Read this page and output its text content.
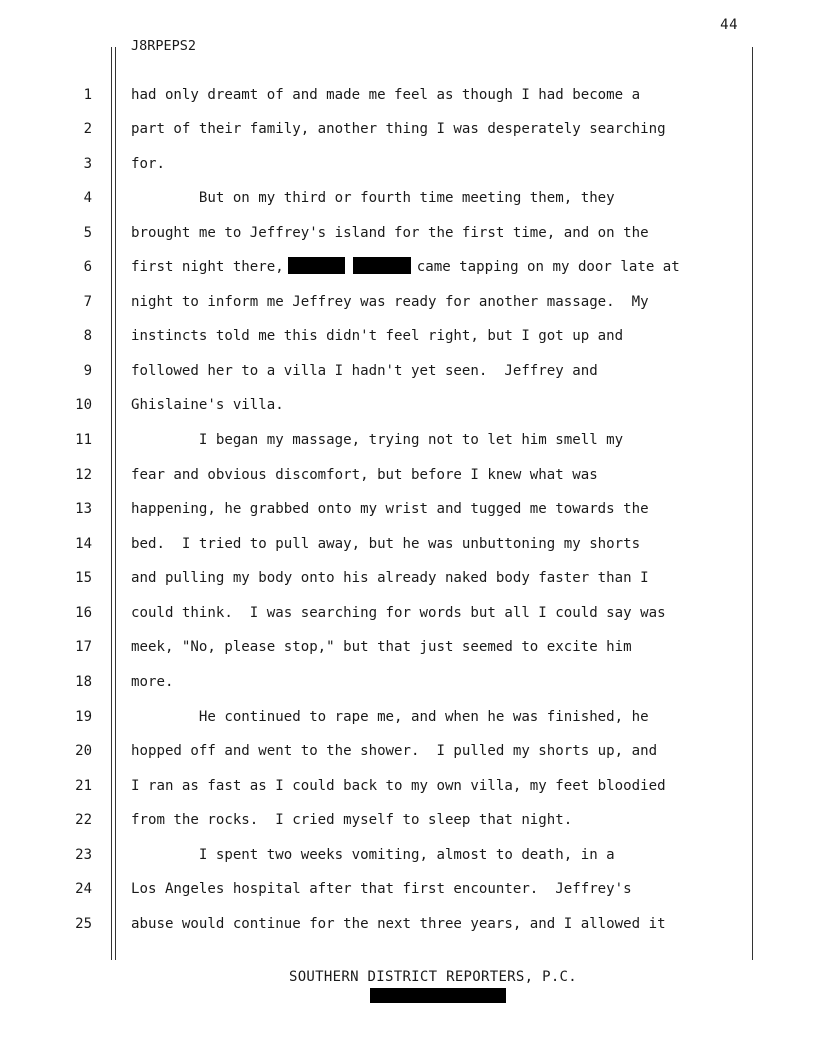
44
J8RPEPS2
1	had only dreamt of and made me feel as though I had become a
2	part of their family, another thing I was desperately searching
3	for.
4	But on my third or fourth time meeting them, they
5	brought me to Jeffrey's island for the first time, and on the
6	first night there,	came tapping on my door late at
7	night to inform me Jeffrey was ready for another massage.  My
8	instincts told me this didn't feel right, but I got up and
9	followed her to a villa I hadn't yet seen.  Jeffrey and
10	Ghislaine's villa.
11	I began my massage, trying not to let him smell my
12	fear and obvious discomfort, but before I knew what was
13	happening, he grabbed onto my wrist and tugged me towards the
14	bed.  I tried to pull away, but he was unbuttoning my shorts
15	and pulling my body onto his already naked body faster than I
16	could think.  I was searching for words but all I could say was
17	meek, "No, please stop," but that just seemed to excite him
18	more.
19	He continued to rape me, and when he was finished, he
20	hopped off and went to the shower.  I pulled my shorts up, and
21	I ran as fast as I could back to my own villa, my feet bloodied
22	from the rocks.  I cried myself to sleep that night.
23	I spent two weeks vomiting, almost to death, in a
24	Los Angeles hospital after that first encounter.  Jeffrey's
25	abuse would continue for the next three years, and I allowed it
SOUTHERN DISTRICT REPORTERS, P.C.
